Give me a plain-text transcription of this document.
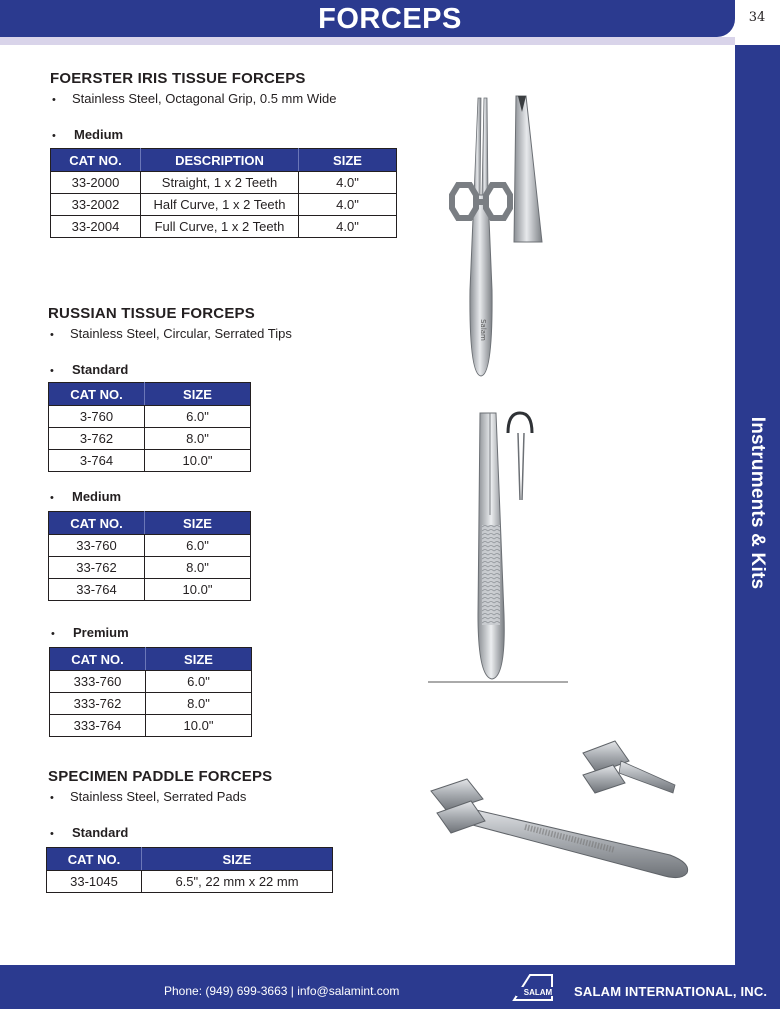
FORCEPS	34
Instruments & Kits
FOERSTER IRIS TISSUE FORCEPS
• Stainless Steel, Octagonal Grip, 0.5 mm Wide
• Medium
CAT NO.	DESCRIPTION	SIZE
33-2000	Straight, 1 x 2 Teeth	4.0"
33-2002	Half Curve, 1 x 2 Teeth	4.0"
33-2004	Full Curve, 1 x 2 Teeth	4.0"
RUSSIAN TISSUE FORCEPS
• Stainless Steel, Circular, Serrated Tips
• Standard
CAT NO.	SIZE
3-760	6.0"
3-762	8.0"
3-764	10.0"
• Medium
CAT NO.	SIZE
33-760	6.0"
33-762	8.0"
33-764	10.0"
• Premium
CAT NO.	SIZE
333-760	6.0"
333-762	8.0"
333-764	10.0"
SPECIMEN PADDLE FORCEPS
• Stainless Steel, Serrated Pads
• Standard
CAT NO.	SIZE
33-1045	6.5", 22 mm x 22 mm
Salam
Phone: (949) 699-3663 | info@salamint.com	SALAM SALAM INTERNATIONAL, INC.
